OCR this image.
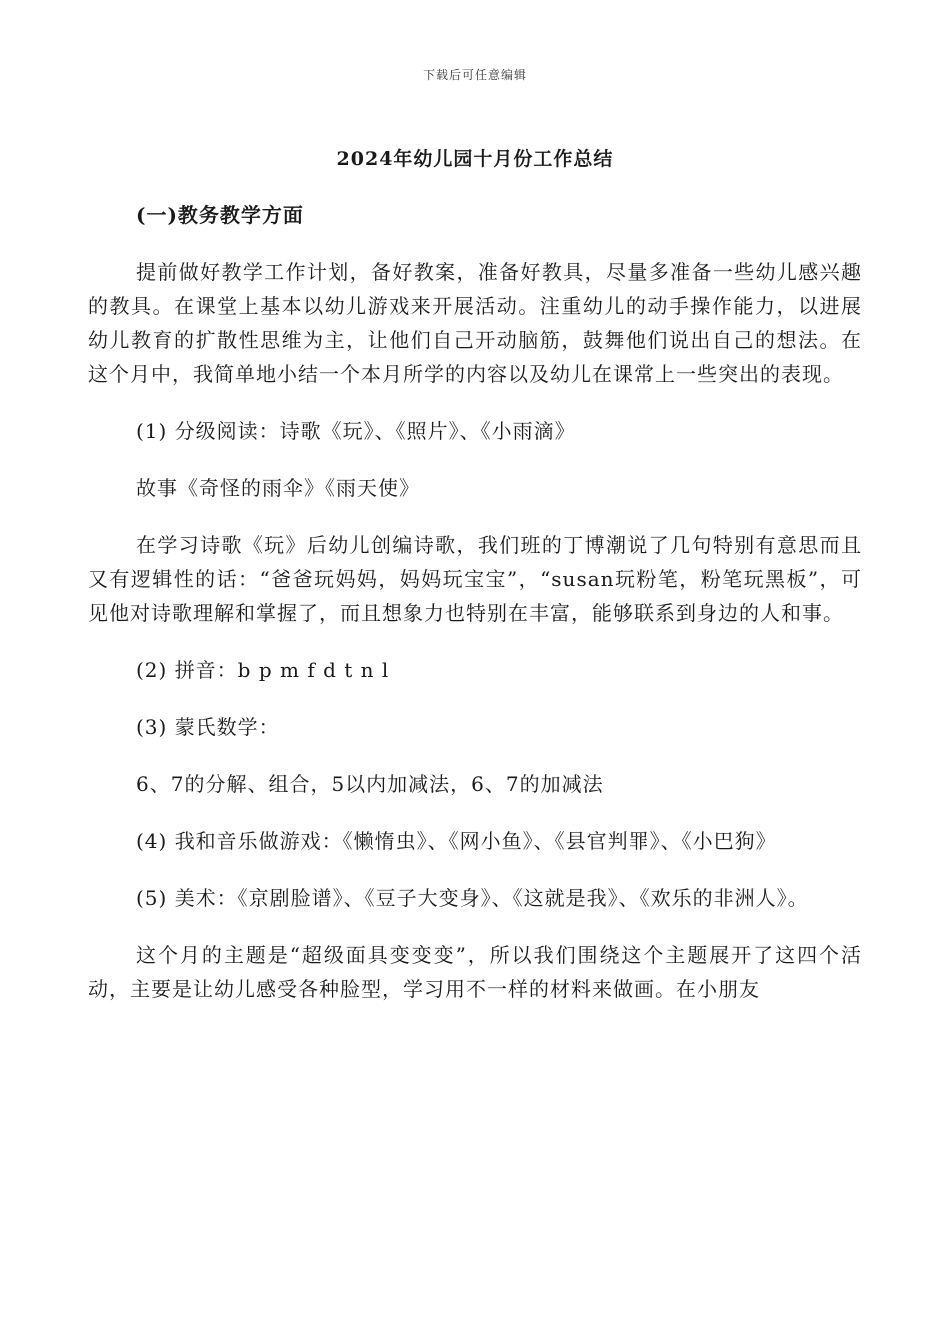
下载后可任意编辑
2024年幼儿园十月份工作总结
(一)教务教学方面

提前做好教学工作计划，备好教案，准备好教具，尽量多准备一些幼儿感兴趣的教具。在课堂上基本以幼儿游戏来开展活动。注重幼儿的动手操作能力，以进展幼儿教育的扩散性思维为主，让他们自己开动脑筋，鼓舞他们说出自己的想法。在这个月中，我简单地小结一个本月所学的内容以及幼儿在课常上一些突出的表现。

(1) 分级阅读：诗歌《玩》、《照片》、《小雨滴》

故事《奇怪的雨伞》《雨天使》

在学习诗歌《玩》后幼儿创编诗歌，我们班的丁博潮说了几句特别有意思而且又有逻辑性的话：“爸爸玩妈妈，妈妈玩宝宝”，“susan玩粉笔，粉笔玩黑板”，可见他对诗歌理解和掌握了，而且想象力也特别在丰富，能够联系到身边的人和事。

(2) 拼音：b p m f d t n l

(3) 蒙氏数学：

6、7的分解、组合，5以内加减法，6、7的加减法

(4) 我和音乐做游戏：《懒惰虫》、《网小鱼》、《县官判罪》、《小巴狗》

(5) 美术：《京剧脸谱》、《豆子大变身》、《这就是我》、《欢乐的非洲人》。

这个月的主题是“超级面具变变变”，所以我们围绕这个主题展开了这四个活动，主要是让幼儿感受各种脸型，学习用不一样的材料来做画。在小朋友
